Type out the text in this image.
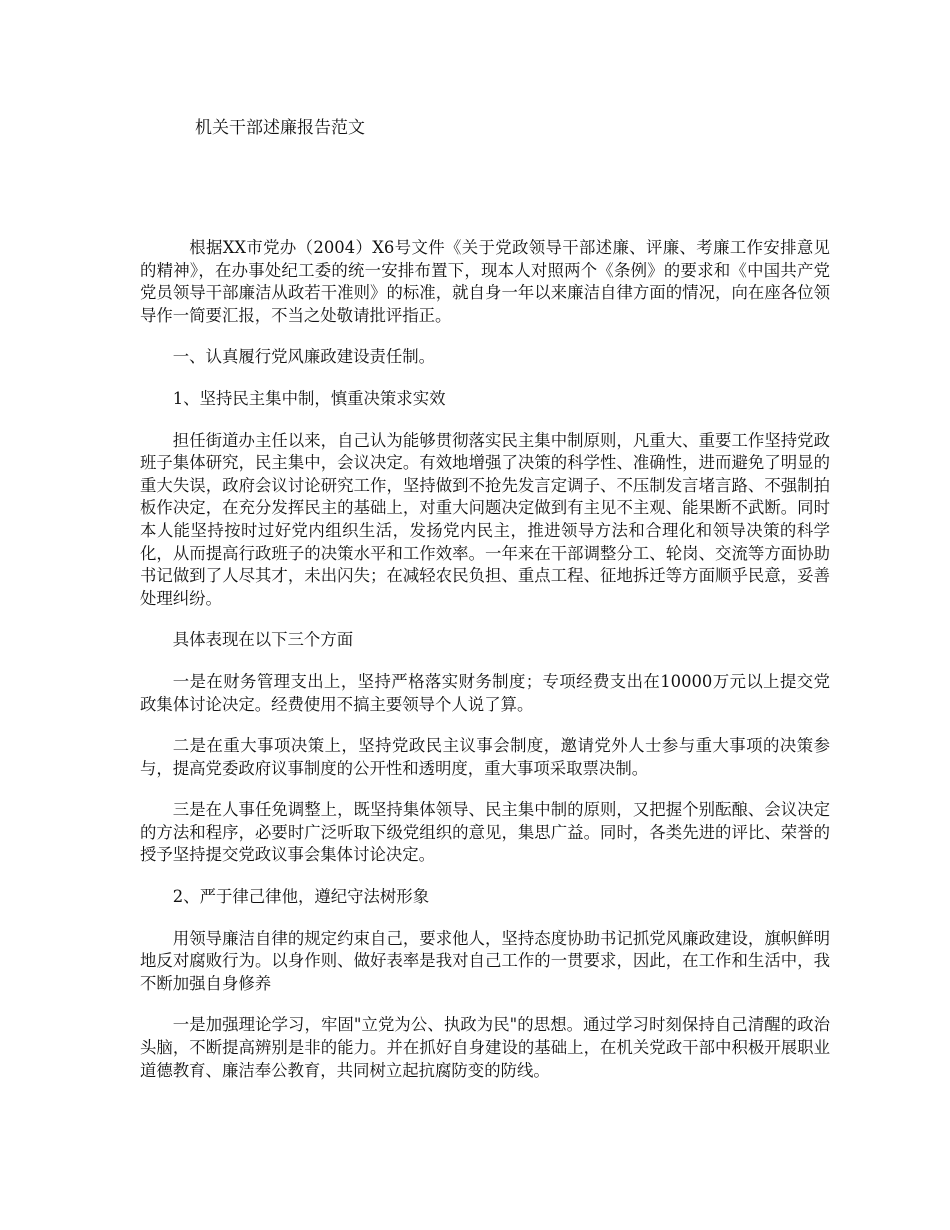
机关干部述廉报告范文

根据XX市党办（2004）X6号文件《关于党政领导干部述廉、评廉、考廉工作安排意见的精神》，在办事处纪工委的统一安排布置下，现本人对照两个《条例》的要求和《中国共产党党员领导干部廉洁从政若干准则》的标准，就自身一年以来廉洁自律方面的情况，向在座各位领导作一简要汇报，不当之处敬请批评指正。

一、认真履行党风廉政建设责任制。

1、坚持民主集中制，慎重决策求实效

担任街道办主任以来，自己认为能够贯彻落实民主集中制原则，凡重大、重要工作坚持党政班子集体研究，民主集中，会议决定。有效地增强了决策的科学性、准确性，进而避免了明显的重大失误，政府会议讨论研究工作，坚持做到不抢先发言定调子、不压制发言堵言路、不强制拍板作决定，在充分发挥民主的基础上，对重大问题决定做到有主见不主观、能果断不武断。同时本人能坚持按时过好党内组织生活，发扬党内民主，推进领导方法和合理化和领导决策的科学化，从而提高行政班子的决策水平和工作效率。一年来在干部调整分工、轮岗、交流等方面协助书记做到了人尽其才，未出闪失；在减轻农民负担、重点工程、征地拆迁等方面顺乎民意，妥善处理纠纷。

具体表现在以下三个方面

一是在财务管理支出上，坚持严格落实财务制度；专项经费支出在10000万元以上提交党政集体讨论决定。经费使用不搞主要领导个人说了算。

二是在重大事项决策上，坚持党政民主议事会制度，邀请党外人士参与重大事项的决策参与，提高党委政府议事制度的公开性和透明度，重大事项采取票决制。

三是在人事任免调整上，既坚持集体领导、民主集中制的原则，又把握个别酝酿、会议决定的方法和程序，必要时广泛听取下级党组织的意见，集思广益。同时，各类先进的评比、荣誉的授予坚持提交党政议事会集体讨论决定。

2、严于律己律他，遵纪守法树形象

用领导廉洁自律的规定约束自己，要求他人，坚持态度协助书记抓党风廉政建设，旗帜鲜明地反对腐败行为。以身作则、做好表率是我对自己工作的一贯要求，因此，在工作和生活中，我不断加强自身修养

一是加强理论学习，牢固"立党为公、执政为民"的思想。通过学习时刻保持自己清醒的政治头脑，不断提高辨别是非的能力。并在抓好自身建设的基础上，在机关党政干部中积极开展职业道德教育、廉洁奉公教育，共同树立起抗腐防变的防线。
